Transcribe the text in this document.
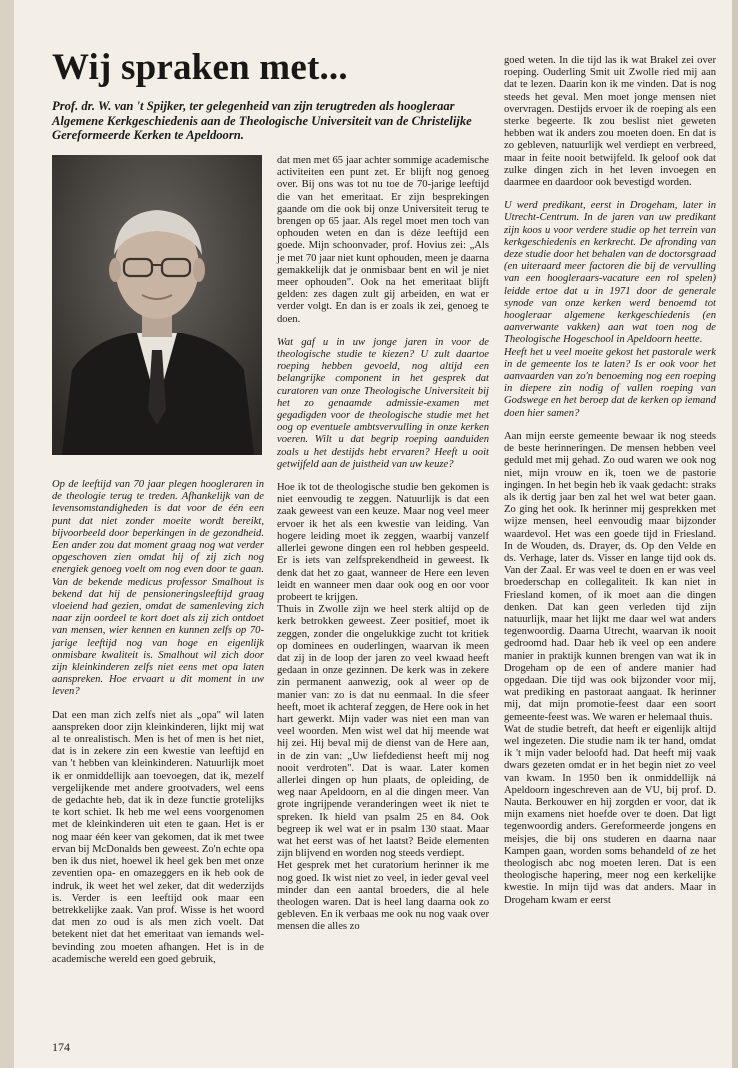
Wij spraken met...
Prof. dr. W. van 't Spijker, ter gelegenheid van zijn terugtreden als hoogleraar Algemene Kerkgeschiedenis aan de Theologische Universiteit van de Christelijke Gereformeerde Kerken te Apeldoorn.

Op de leeftijd van 70 jaar plegen hoogleraren in de theologie terug te treden. Afhankelijk van de levensomstandigheden is dat voor de één een punt dat niet zonder moeite wordt bereikt, bijvoorbeeld door beperkingen in de gezondheid. Een ander zou dat moment graag nog wat verder opgeschoven zien omdat hij of zij zich nog energiek genoeg voelt om nog even door te gaan. Van de bekende medicus professor Smalhout is bekend dat hij de pensioneringsleeftijd graag vloeiend had gezien, omdat de samenleving zich naar zijn oordeel te kort doet als zij zich ontdoet van mensen, wier kennen en kunnen zelfs op 70-jarige leeftijd nog van hoge en eigenlijk onmisbare kwaliteit is. Smalhout wil zich door zijn kleinkinderen zelfs niet eens met opa laten aanspreken. Hoe ervaart u dit moment in uw leven?

Dat een man zich zelfs niet als „opa" wil laten aanspreken door zijn kleinkinderen, lijkt mij wat al te onrealistisch. Men is het of men is het niet, dat is in zekere zin een kwestie van leeftijd en van 't hebben van kleinkinderen. Natuurlijk moet ik er onmiddellijk aan toevoegen, dat ik, mezelf vergelijkende met andere grootvaders, wel eens de gedachte heb, dat ik in deze functie grotelijks te kort schiet. Ik heb me wel eens voorgenomen met de kleinkinderen uit eten te gaan. Het is er nog maar één keer van gekomen, dat ik met twee ervan bij McDonalds ben geweest. Zo'n echte opa ben ik dus niet, hoewel ik heel gek ben met onze zeventien opa- en omazeggers en ik heb ook de indruk, ik weet het wel zeker, dat dit wederzijds is. Verder is een leeftijd ook maar een betrekkelijke zaak. Van prof. Wisse is het woord dat men zo oud is als men zich voelt. Dat betekent niet dat het emeritaat van iemands wel-bevinding zou moeten afhangen. Het is in de academische wereld een goed gebruik,

dat men met 65 jaar achter sommige academische activiteiten een punt zet. Er blijft nog genoeg over. Bij ons was tot nu toe de 70-jarige leeftijd die van het emeritaat. Er zijn besprekingen gaande om die ook bij onze Universiteit terug te brengen op 65 jaar. Als regel moet men toch van ophouden weten en dan is déze leeftijd een goede. Mijn schoonvader, prof. Hovius zei: „Als je met 70 jaar niet kunt ophouden, meen je daarna gemakkelijk dat je onmisbaar bent en wil je niet meer ophouden". Ook na het emeritaat blijft gelden: zes dagen zult gij arbeiden, en wat er verder volgt. En dan is er zoals ik zei, genoeg te doen.

Wat gaf u in uw jonge jaren in voor de theologische studie te kiezen? U zult daartoe roeping hebben gevoeld, nog altijd een belangrijke component in het gesprek dat curatoren van onze Theologische Universiteit bij het zo genaamde admissie-examen met gegadigden voor de theologische studie met het oog op eventuele ambtsvervulling in onze kerken voeren. Wilt u dat begrip roeping aanduiden zoals u het destijds hebt ervaren? Heeft u ooit getwijfeld aan de juistheid van uw keuze?

Hoe ik tot de theologische studie ben gekomen is niet eenvoudig te zeggen. Natuurlijk is dat een zaak geweest van een keuze. Maar nog veel meer ervoer ik het als een kwestie van leiding. Van hogere leiding moet ik zeggen, waarbij vanzelf allerlei gewone dingen een rol hebben gespeeld. Er is iets van zelfsprekendheid in geweest. Ik denk dat het zo gaat, wanneer de Here een leven leidt en wanneer men daar ook oog en oor voor probeert te krijgen.

Thuis in Zwolle zijn we heel sterk altijd op de kerk betrokken geweest. Zeer positief, moet ik zeggen, zonder die ongelukkige zucht tot kritiek op dominees en ouderlingen, waarvan ik meen dat zij in de loop der jaren zo veel kwaad heeft gedaan in onze gezinnen. De kerk was in zekere zin permanent aanwezig, ook al weer op de manier van: zo is dat nu eenmaal. In die sfeer heeft, moet ik achteraf zeggen, de Here ook in het hart gewerkt. Mijn vader was niet een man van veel woorden. Men wist wel dat hij meende wat hij zei. Hij beval mij de dienst van de Here aan, in de zin van: „Uw liefdedienst heeft mij nog nooit verdroten". Dat is waar. Later komen allerlei dingen op hun plaats, de opleiding, de weg naar Apeldoorn, en al die dingen meer. Van grote ingrijpende veranderingen weet ik niet te spreken. Ik hield van psalm 25 en 84. Ook begreep ik wel wat er in psalm 130 staat. Maar wat het eerst was of het laatst? Beide elementen zijn blijvend en worden nog steeds verdiept.

Het gesprek met het curatorium herinner ik me nog goed. Ik wist niet zo veel, in ieder geval veel minder dan een aantal broeders, die al hele theologen waren. Dat is heel lang daarna ook zo gebleven. En ik verbaas me ook nu nog vaak over mensen die alles zo

goed weten. In die tijd las ik wat Brakel zei over roeping. Ouderling Smit uit Zwolle ried mij aan dat te lezen. Daarin kon ik me vinden. Dat is nog steeds het geval. Men moet jonge mensen niet overvragen. Destijds ervoer ik de roeping als een sterke begeerte. Ik zou beslist niet geweten hebben wat ik anders zou moeten doen. En dat is zo gebleven, natuurlijk wel verdiept en verbreed, maar in feite nooit betwijfeld. Ik geloof ook dat zulke dingen zich in het leven invoegen en daarmee en daardoor ook bevestigd worden.

U werd predikant, eerst in Drogeham, later in Utrecht-Centrum. In de jaren van uw predikant zijn koos u voor verdere studie op het terrein van kerkgeschiedenis en kerkrecht. De afronding van deze studie door het behalen van de doctorsgraad (en uiteraard meer factoren die bij de vervulling van een hoogleraars-vacature een rol spelen) leidde ertoe dat u in 1971 door de generale synode van onze kerken werd benoemd tot hoogleraar algemene kerkgeschiedenis (en aanverwante vakken) aan wat toen nog de Theologische Hogeschool in Apeldoorn heette.

Heeft het u veel moeite gekost het pastorale werk in de gemeente los te laten? Is er ook voor het aanvaarden van zo'n benoeming nog een roeping in diepere zin nodig of vallen roeping van Godswege en het beroep dat de kerken op iemand doen hier samen?

Aan mijn eerste gemeente bewaar ik nog steeds de beste herinneringen. De mensen hebben veel geduld met mij gehad. Zo oud waren we ook nog niet, mijn vrouw en ik, toen we de pastorie ingingen. In het begin heb ik vaak gedacht: straks als ik dertig jaar ben zal het wel wat beter gaan. Zo ging het ook. Ik herinner mij gesprekken met wijze mensen, heel eenvoudig maar bijzonder waardevol. Het was een goede tijd in Friesland. In de Wouden, ds. Drayer, ds. Op den Velde en ds. Verhage, later ds. Visser en lange tijd ook ds. Van der Zaal. Er was veel te doen en er was veel broederschap en collegaliteit. Ik kan niet in Friesland komen, of ik moet aan die dingen denken. Dat kan geen verleden tijd zijn natuurlijk, maar het lijkt me daar wel wat anders tegenwoordig. Daarna Utrecht, waarvan ik nooit gedroomd had. Daar heb ik veel op een andere manier in praktijk kunnen brengen van wat ik in Drogeham op de een of andere manier had opgedaan. Die tijd was ook bijzonder voor mij, wat prediking en pastoraat aangaat. Ik herinner mij, dat mijn promotie-feest daar een soort gemeente-feest was. We waren er helemaal thuis.

Wat de studie betreft, dat heeft er eigenlijk altijd wel ingezeten. Die studie nam ik ter hand, omdat ik 't mijn vader beloofd had. Dat heeft mij vaak dwars gezeten omdat er in het begin niet zo veel van kwam. In 1950 ben ik onmiddellijk ná Apeldoorn ingeschreven aan de VU, bij prof. D. Nauta. Berkouwer en hij zorgden er voor, dat ik mijn examens niet hoefde over te doen. Dat ligt tegenwoordig anders. Gereformeerde jongens en meisjes, die bij ons studeren en daarna naar Kampen gaan, worden soms behandeld of ze het theologisch abc nog moeten leren. Dat is een theologische hapering, meer nog een kerkelijke kwestie. In mijn tijd was dat anders. Maar in Drogeham kwam er eerst

174
